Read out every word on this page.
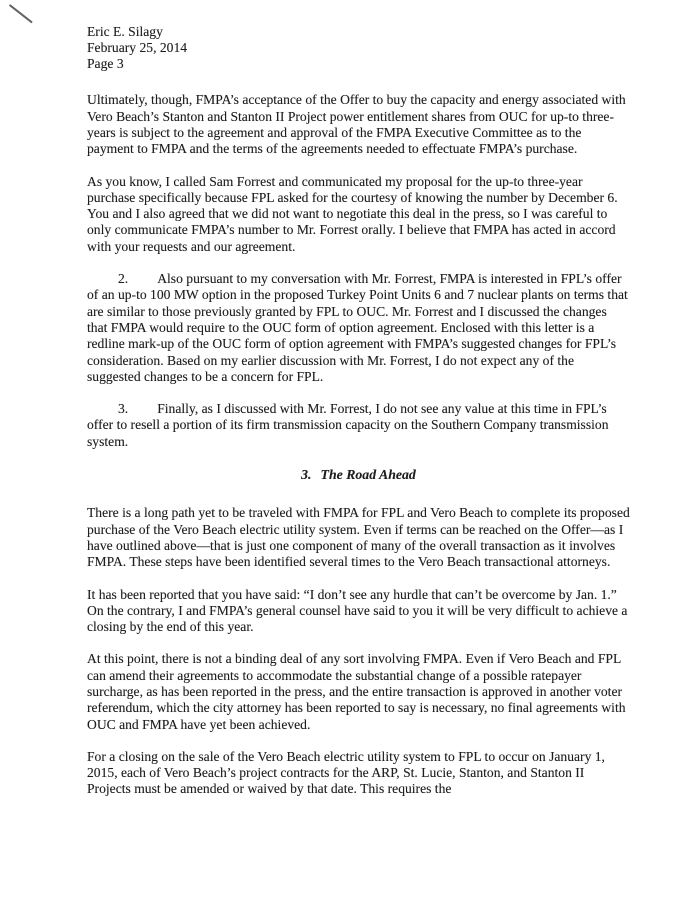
Eric E. Silagy
February 25, 2014
Page 3

Ultimately, though, FMPA’s acceptance of the Offer to buy the capacity and energy associated with Vero Beach’s Stanton and Stanton II Project power entitlement shares from OUC for up-to three-years is subject to the agreement and approval of the FMPA Executive Committee as to the payment to FMPA and the terms of the agreements needed to effectuate FMPA’s purchase.

As you know, I called Sam Forrest and communicated my proposal for the up-to three-year purchase specifically because FPL asked for the courtesy of knowing the number by December 6. You and I also agreed that we did not want to negotiate this deal in the press, so I was careful to only communicate FMPA’s number to Mr. Forrest orally. I believe that FMPA has acted in accord with your requests and our agreement.

2. Also pursuant to my conversation with Mr. Forrest, FMPA is interested in FPL’s offer of an up-to 100 MW option in the proposed Turkey Point Units 6 and 7 nuclear plants on terms that are similar to those previously granted by FPL to OUC. Mr. Forrest and I discussed the changes that FMPA would require to the OUC form of option agreement. Enclosed with this letter is a redline mark-up of the OUC form of option agreement with FMPA’s suggested changes for FPL’s consideration. Based on my earlier discussion with Mr. Forrest, I do not expect any of the suggested changes to be a concern for FPL.

3. Finally, as I discussed with Mr. Forrest, I do not see any value at this time in FPL’s offer to resell a portion of its firm transmission capacity on the Southern Company transmission system.

3. The Road Ahead

There is a long path yet to be traveled with FMPA for FPL and Vero Beach to complete its proposed purchase of the Vero Beach electric utility system. Even if terms can be reached on the Offer—as I have outlined above—that is just one component of many of the overall transaction as it involves FMPA. These steps have been identified several times to the Vero Beach transactional attorneys.

It has been reported that you have said: “I don’t see any hurdle that can’t be overcome by Jan. 1.” On the contrary, I and FMPA’s general counsel have said to you it will be very difficult to achieve a closing by the end of this year.

At this point, there is not a binding deal of any sort involving FMPA. Even if Vero Beach and FPL can amend their agreements to accommodate the substantial change of a possible ratepayer surcharge, as has been reported in the press, and the entire transaction is approved in another voter referendum, which the city attorney has been reported to say is necessary, no final agreements with OUC and FMPA have yet been achieved.

For a closing on the sale of the Vero Beach electric utility system to FPL to occur on January 1, 2015, each of Vero Beach’s project contracts for the ARP, St. Lucie, Stanton, and Stanton II Projects must be amended or waived by that date. This requires the
